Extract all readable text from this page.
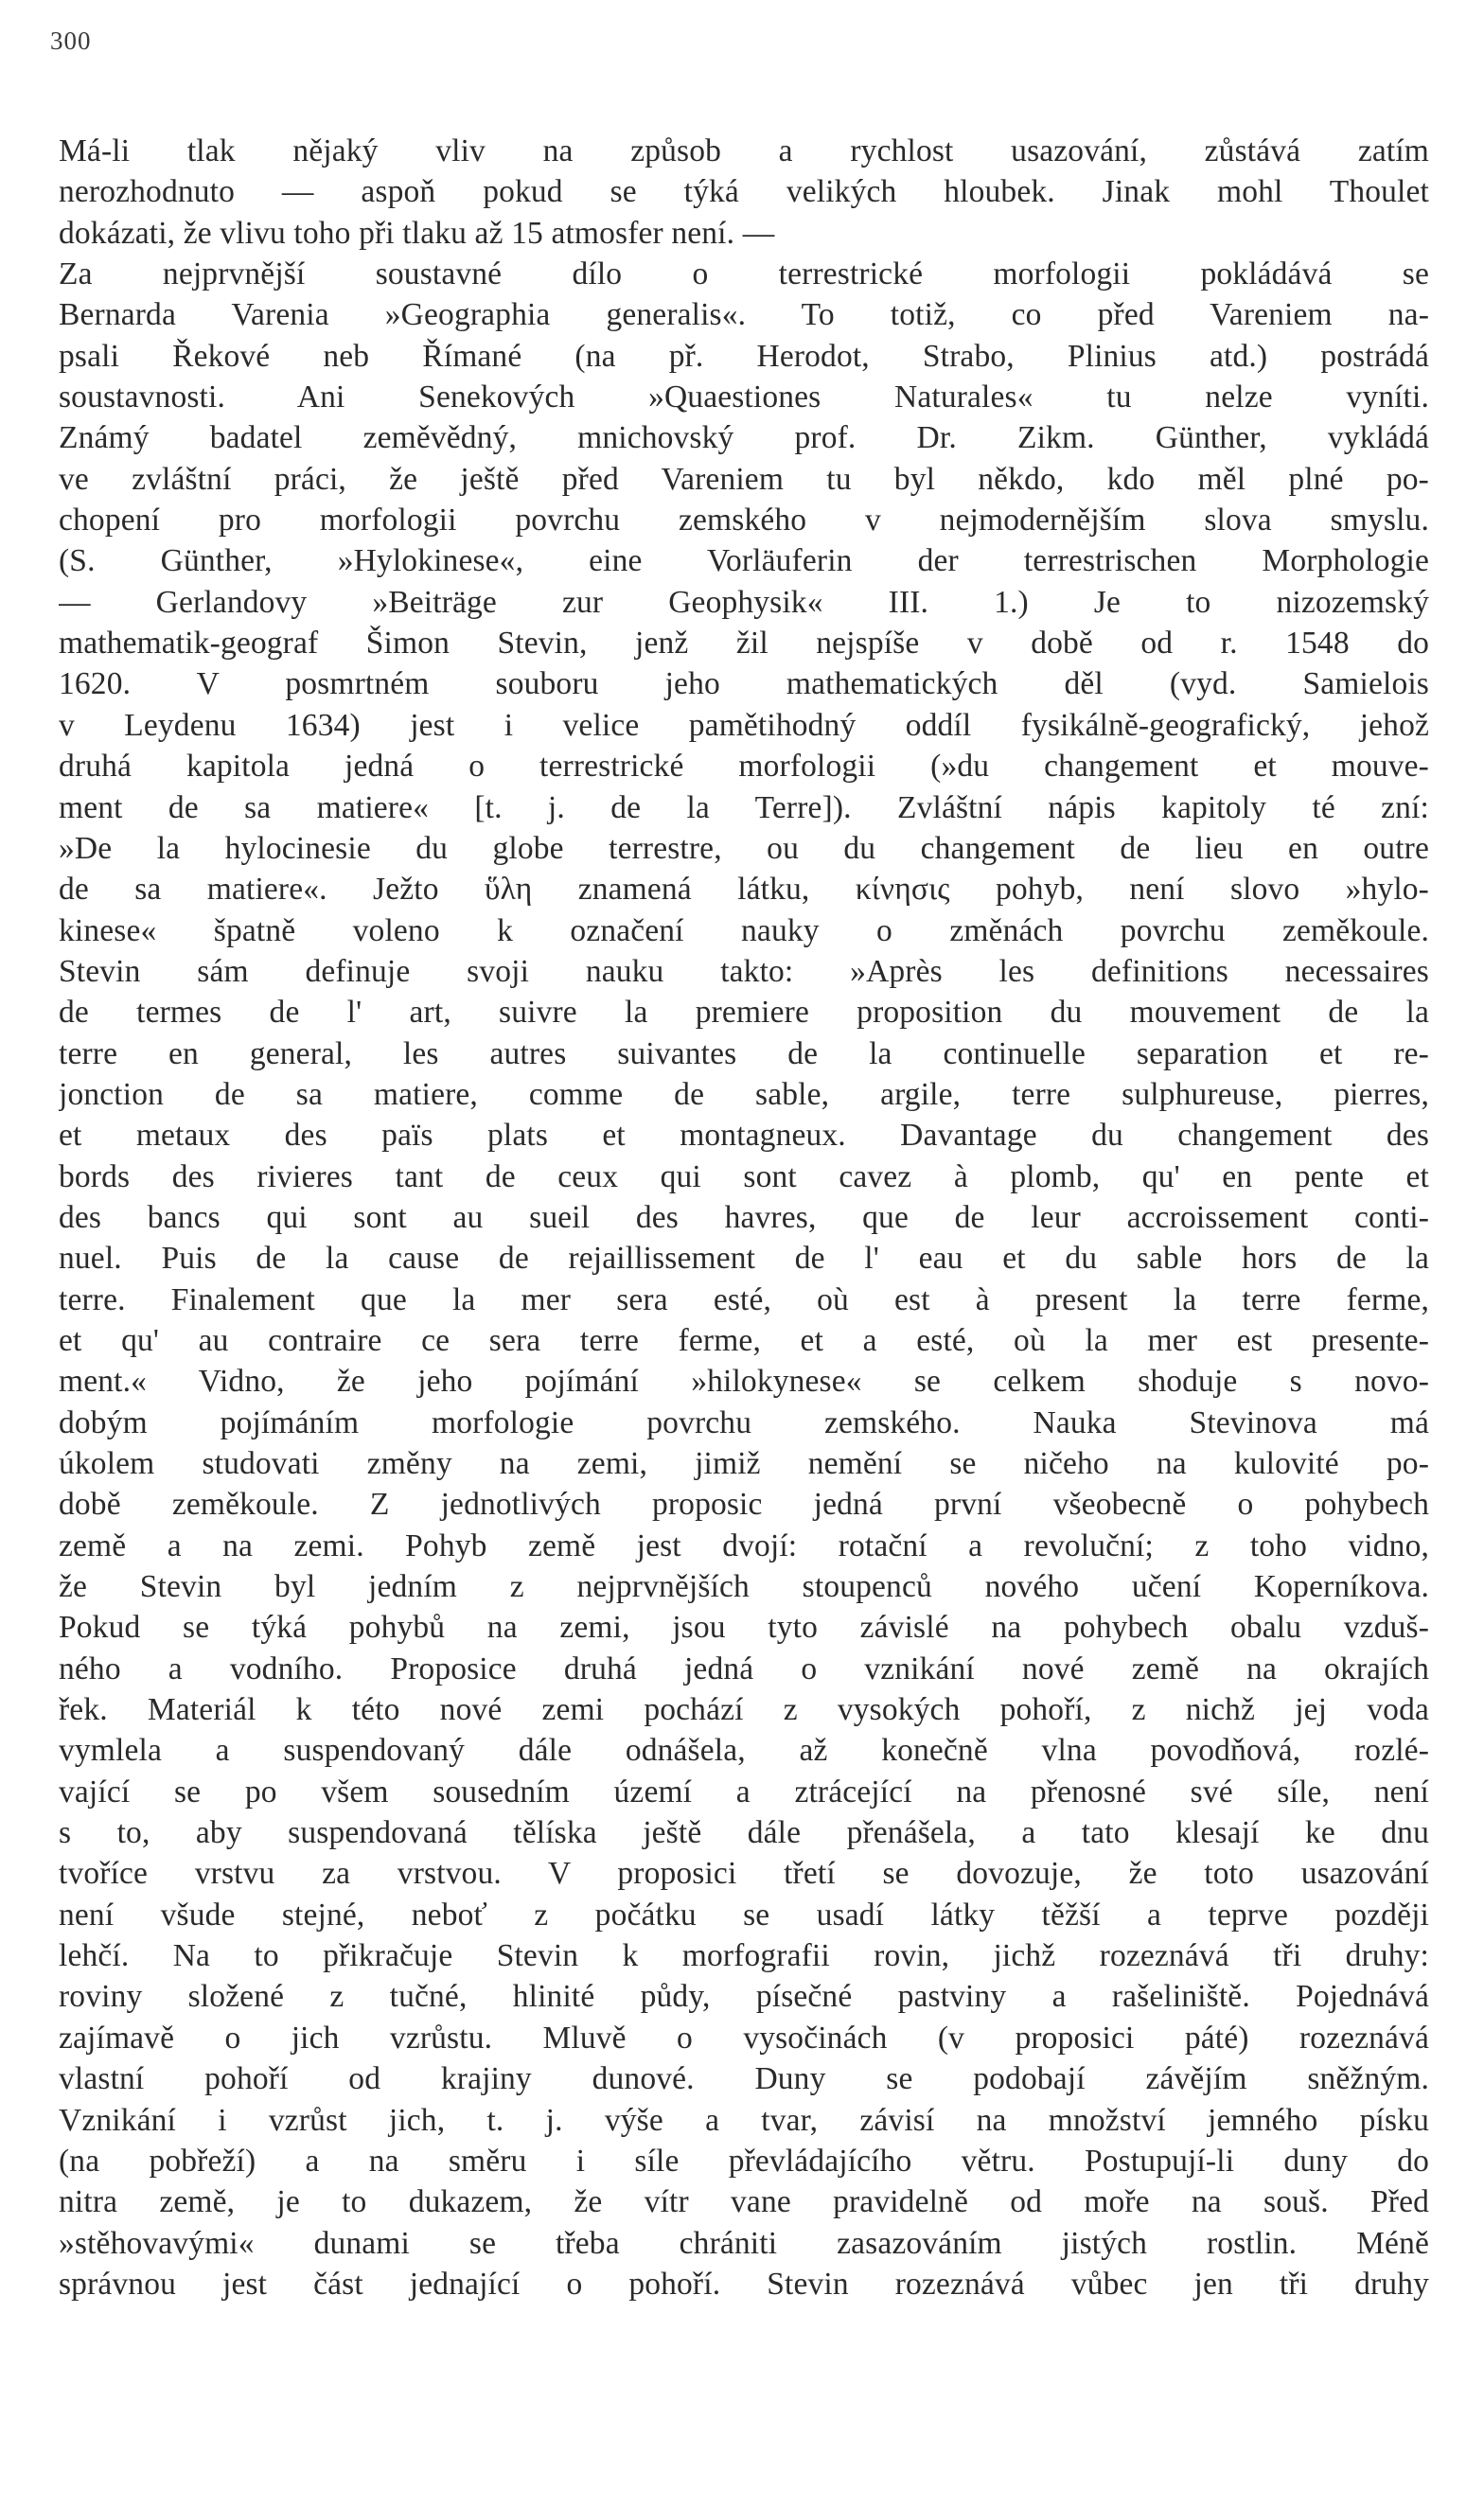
300
Má-li tlak nějaký vliv na způsob a rychlost usazování, zůstává zatím
nerozhodnuto — aspoň pokud se týká velikých hloubek. Jinak mohl Thoulet
dokázati, že vlivu toho při tlaku až 15 atmosfer není. —
Za nejprvnější soustavné dílo o terrestrické morfologii pokládává se
Bernarda Varenia »Geographia generalis«. To totiž, co před Vareniem na-
psali Řekové neb Římané (na př. Herodot, Strabo, Plinius atd.) postrádá
soustavnosti. Ani Senekových »Quaestiones Naturales« tu nelze vyníti.
Známý badatel zeměvědný, mnichovský prof. Dr. Zikm. Günther, vykládá
ve zvláštní práci, že ještě před Vareniem tu byl někdo, kdo měl plné po-
chopení pro morfologii povrchu zemského v nejmodernějším slova smyslu.
(S. Günther, »Hylokinese«, eine Vorläuferin der terrestrischen Morphologie
— Gerlandovy »Beiträge zur Geophysik« III. 1.) Je to nizozemský
mathematik-geograf Šimon Stevin, jenž žil nejspíše v době od r. 1548 do
1620. V posmrtném souboru jeho mathematických děl (vyd. Samielois
v Leydenu 1634) jest i velice pamětihodný oddíl fysikálně-geografický, jehož
druhá kapitola jedná o terrestrické morfologii (»du changement et mouve-
ment de sa matiere« [t. j. de la Terre]). Zvláštní nápis kapitoly té zní:
»De la hylocinesie du globe terrestre, ou du changement de lieu en outre
de sa matiere«. Ježto ὕλη znamená látku, κίνησις pohyb, není slovo »hylo-
kinese« špatně voleno k označení nauky o změnách povrchu zeměkoule.
Stevin sám definuje svoji nauku takto: »Après les definitions necessaires
de termes de l' art, suivre la premiere proposition du mouvement de la
terre en general, les autres suivantes de la continuelle separation et re-
jonction de sa matiere, comme de sable, argile, terre sulphureuse, pierres,
et metaux des païs plats et montagneux. Davantage du changement des
bords des rivieres tant de ceux qui sont cavez à plomb, qu' en pente et
des bancs qui sont au sueil des havres, que de leur accroissement conti-
nuel. Puis de la cause de rejaillissement de l' eau et du sable hors de la
terre. Finalement que la mer sera esté, où est à present la terre ferme,
et qu' au contraire ce sera terre ferme, et a esté, où la mer est presente-
ment.« Vidno, že jeho pojímání »hilokynese« se celkem shoduje s novo-
dobým pojímáním morfologie povrchu zemského. Nauka Stevinova má
úkolem studovati změny na zemi, jimiž nemění se ničeho na kulovité po-
době zeměkoule. Z jednotlivých proposic jedná první všeobecně o pohybech
země a na zemi. Pohyb země jest dvojí: rotační a revoluční; z toho vidno,
že Stevin byl jedním z nejprvnějších stoupenců nového učení Koperníkova.
Pokud se týká pohybů na zemi, jsou tyto závislé na pohybech obalu vzduš-
ného a vodního. Proposice druhá jedná o vznikání nové země na okrajích
řek. Materiál k této nové zemi pochází z vysokých pohoří, z nichž jej voda
vymlela a suspendovaný dále odnášela, až konečně vlna povodňová, rozlé-
vající se po všem sousedním území a ztrácející na přenosné své síle, není
s to, aby suspendovaná tělíska ještě dále přenášela, a tato klesají ke dnu
tvoříce vrstvu za vrstvou. V proposici třetí se dovozuje, že toto usazování
není všude stejné, neboť z počátku se usadí látky těžší a teprve později
lehčí. Na to přikračuje Stevin k morfografii rovin, jichž rozeznává tři druhy:
roviny složené z tučné, hlinité půdy, písečné pastviny a rašeliniště. Pojednává
zajímavě o jich vzrůstu. Mluvě o vysočinách (v proposici páté) rozeznává
vlastní pohoří od krajiny dunové. Duny se podobají závějím sněžným.
Vznikání i vzrůst jich, t. j. výše a tvar, závisí na množství jemného písku
(na pobřeží) a na směru i síle převládajícího větru. Postupují-li duny do
nitra země, je to dukazem, že vítr vane pravidelně od moře na souš. Před
»stěhovavými« dunami se třeba chrániti zasazováním jistých rostlin. Méně
správnou jest část jednající o pohoří. Stevin rozeznává vůbec jen tři druhy
